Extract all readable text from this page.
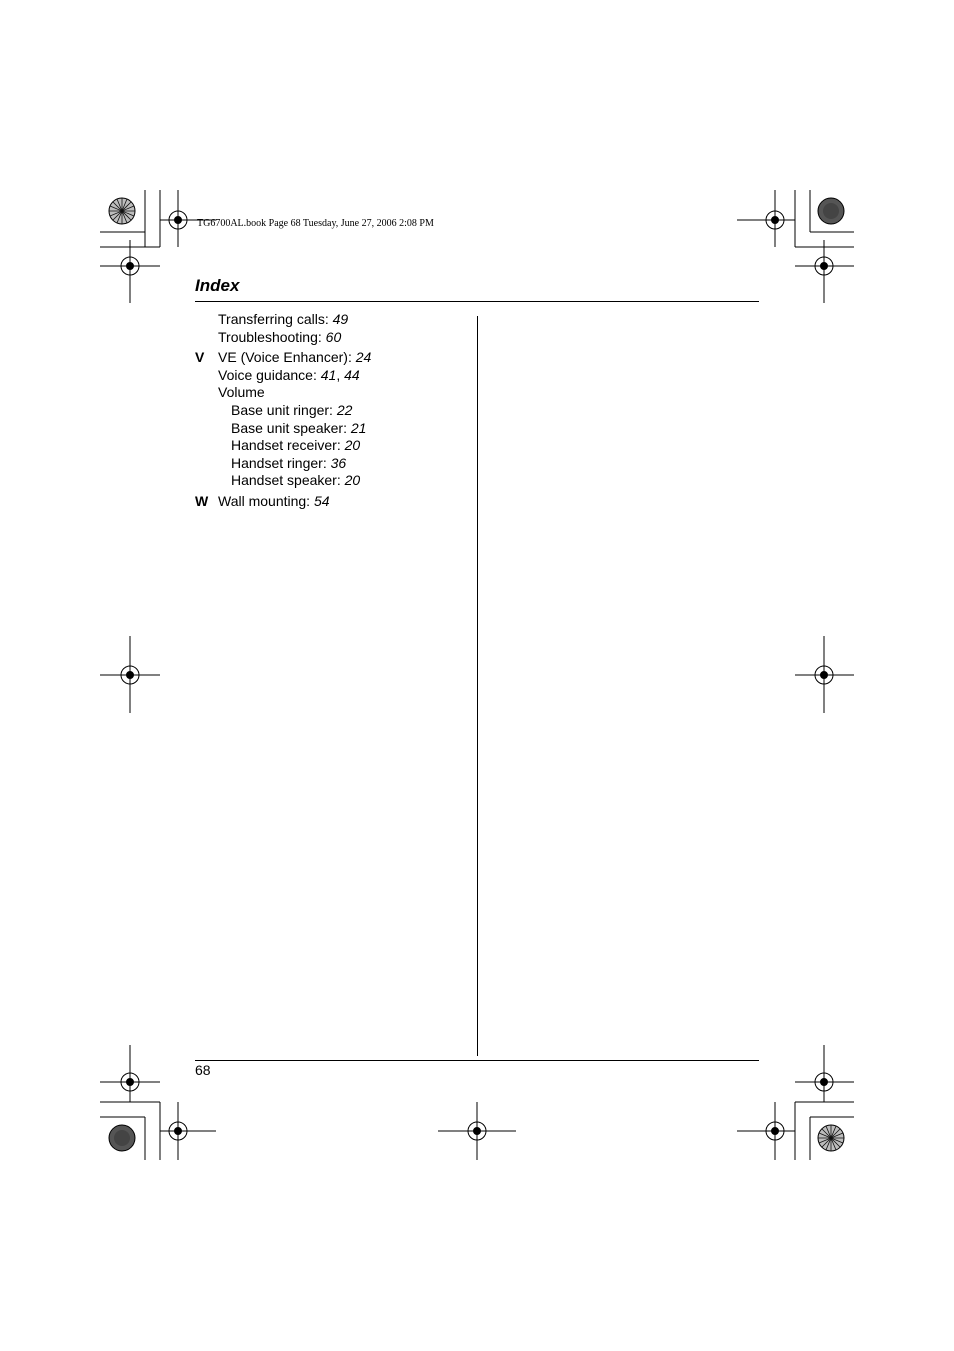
TG6700AL.book Page 68 Tuesday, June 27, 2006 2:08 PM
Index
Transferring calls: 49
Troubleshooting: 60
V VE (Voice Enhancer): 24
Voice guidance: 41, 44
Volume
Base unit ringer: 22
Base unit speaker: 21
Handset receiver: 20
Handset ringer: 36
Handset speaker: 20
W Wall mounting: 54
68
